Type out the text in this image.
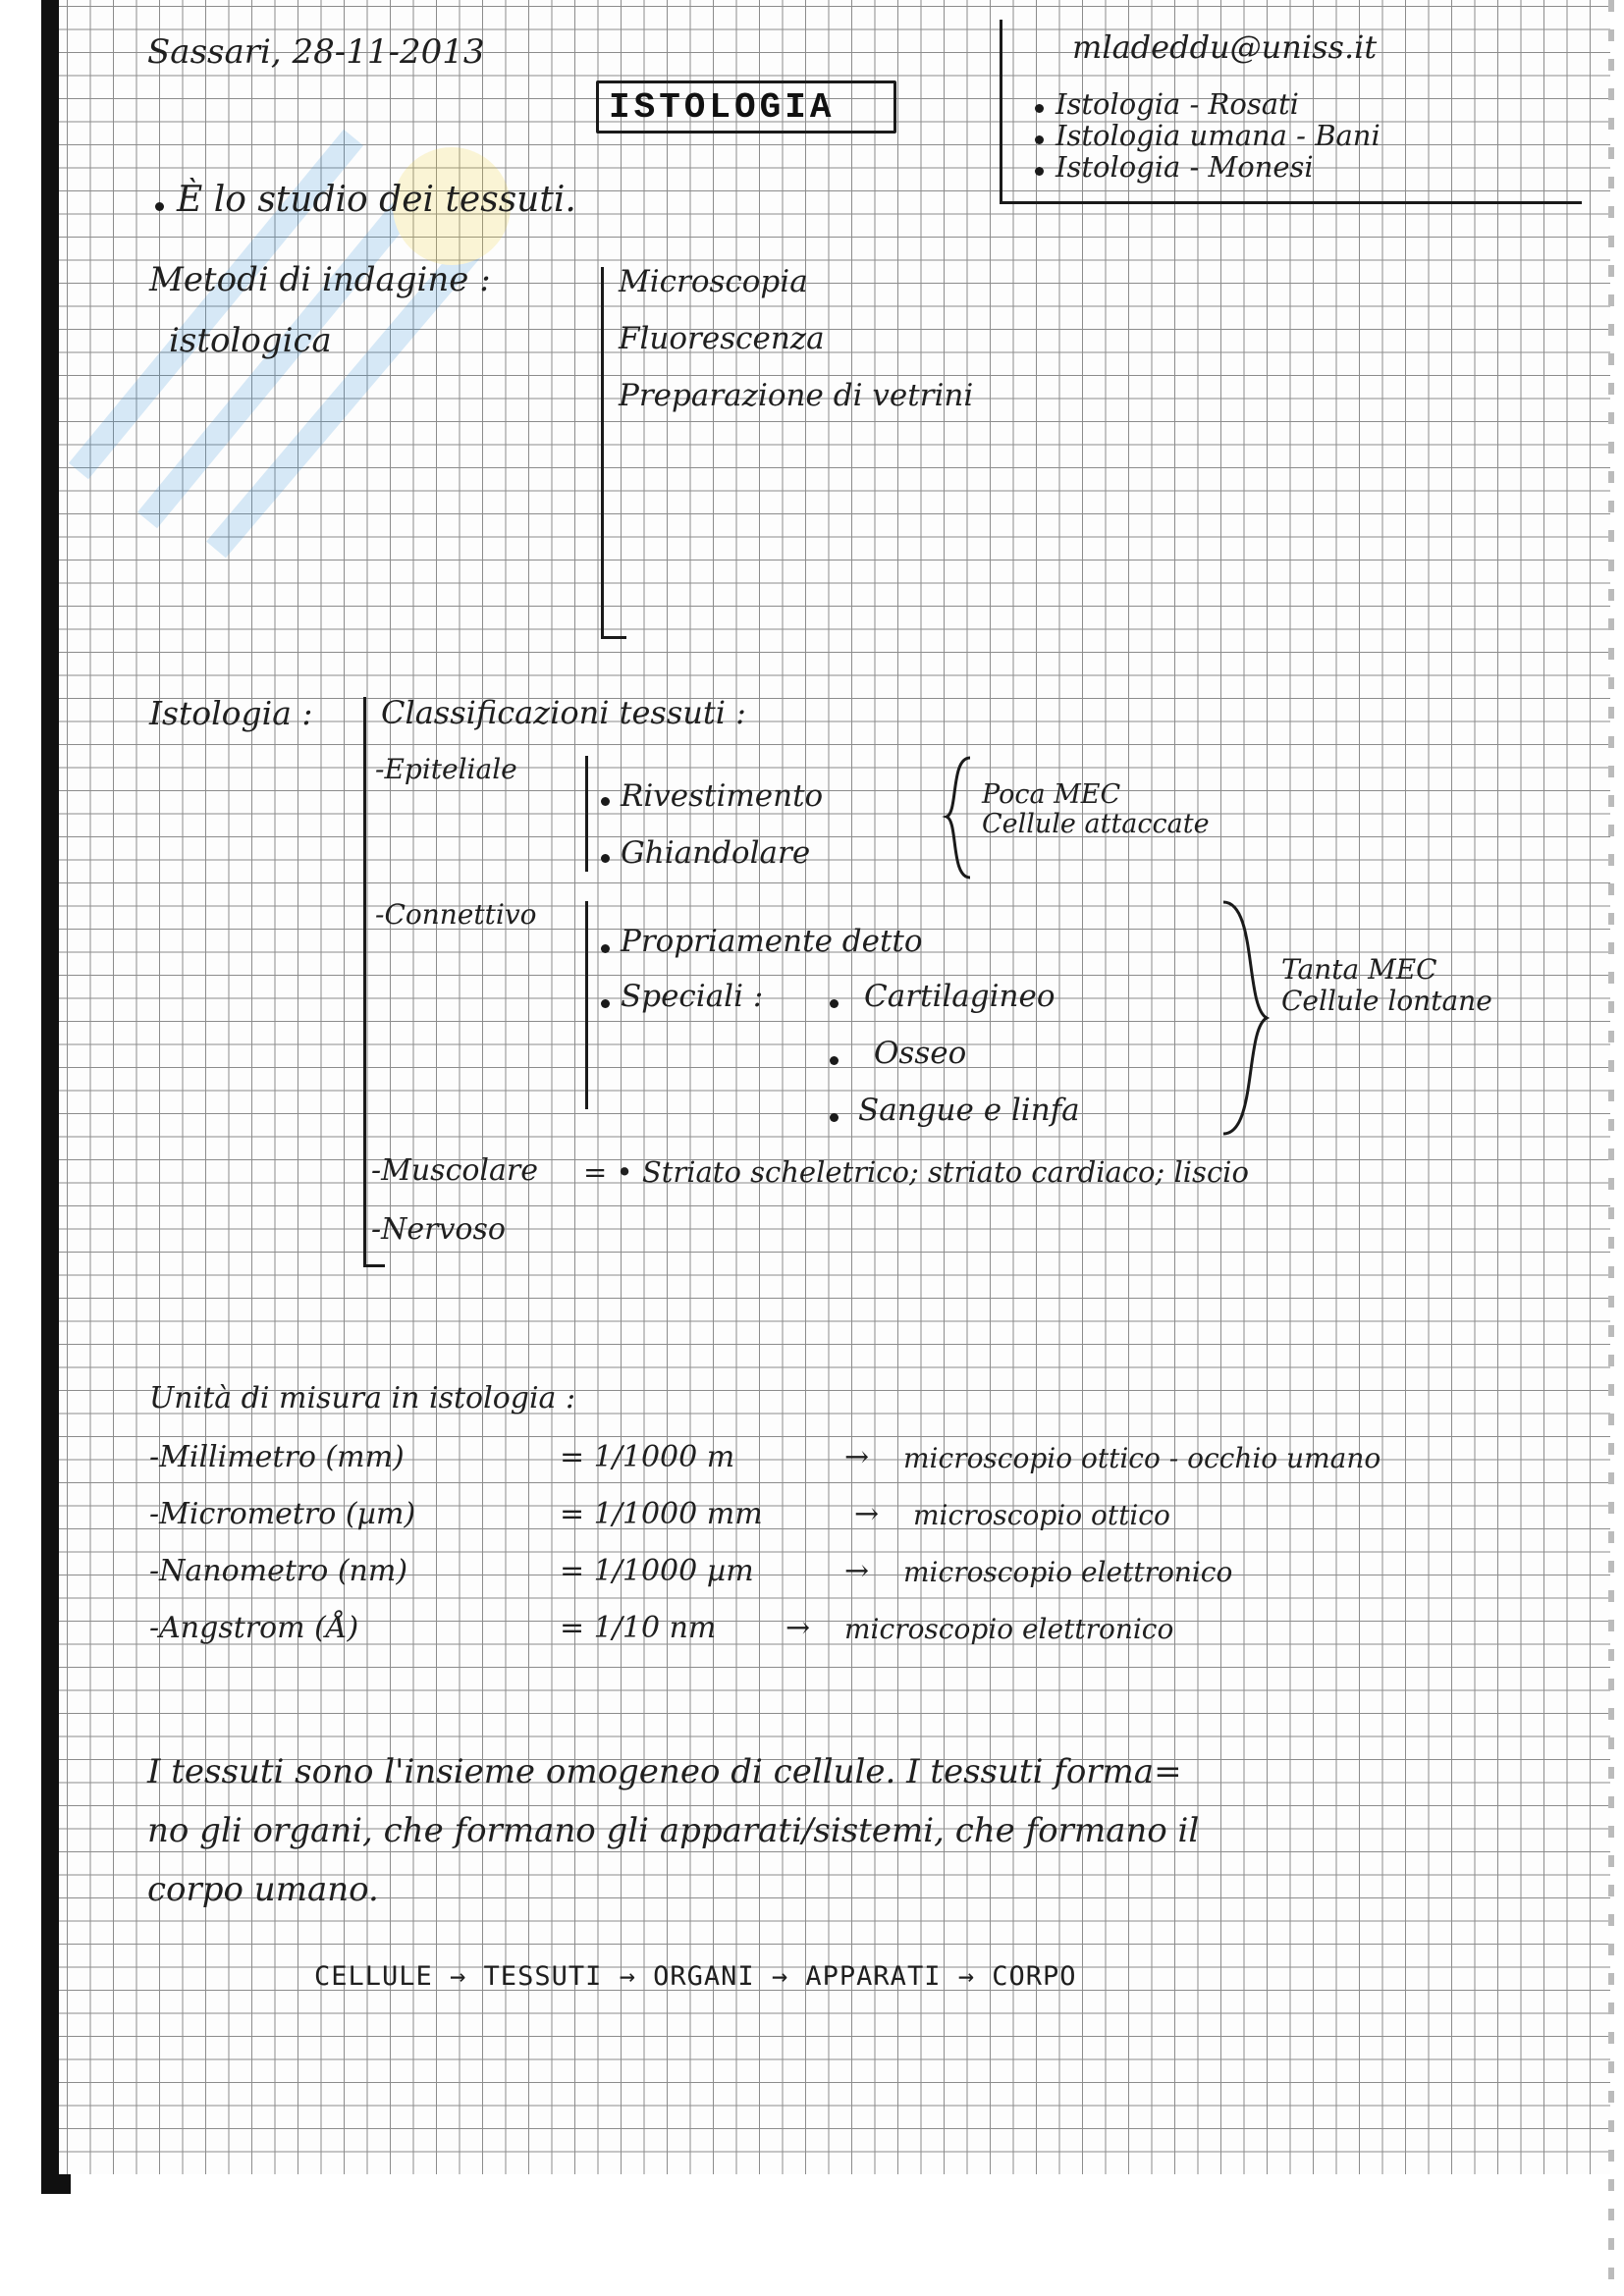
Sassari, 28-11-2013
ISTOLOGIA
mladeddu@uniss.it
Istologia - Rosati
Istologia umana - Bani
Istologia - Monesi
È lo studio dei tessuti.
Metodi di indagine :
istologica
Microscopia
Fluorescenza
Preparazione di vetrini
Istologia : Classificazioni tessuti :
-Epiteliale
Rivestimento
Ghiandolare
Poca MEC
Cellule attaccate
-Connettivo
Propriamente detto
Speciali :	Cartilagineo
Osseo
Sangue e linfa
Tanta MEC
Cellule lontane
-Muscolare = • Striato scheletrico; striato cardiaco; liscio
-Nervoso
Unità di misura in istologia :
-Millimetro (mm)	= 1/1000 m	→ microscopio ottico - occhio umano
-Micrometro (µm)	= 1/1000 mm	→ microscopio ottico
-Nanometro (nm)	= 1/1000 µm	→ microscopio elettronico
-Angstrom (Å)	= 1/10 nm → microscopio elettronico
I tessuti sono l'insieme omogeneo di cellule. I tessuti forma=
no gli organi, che formano gli apparati/sistemi, che formano il
corpo umano.
CELLULE → TESSUTI → ORGANI → APPARATI → CORPO
